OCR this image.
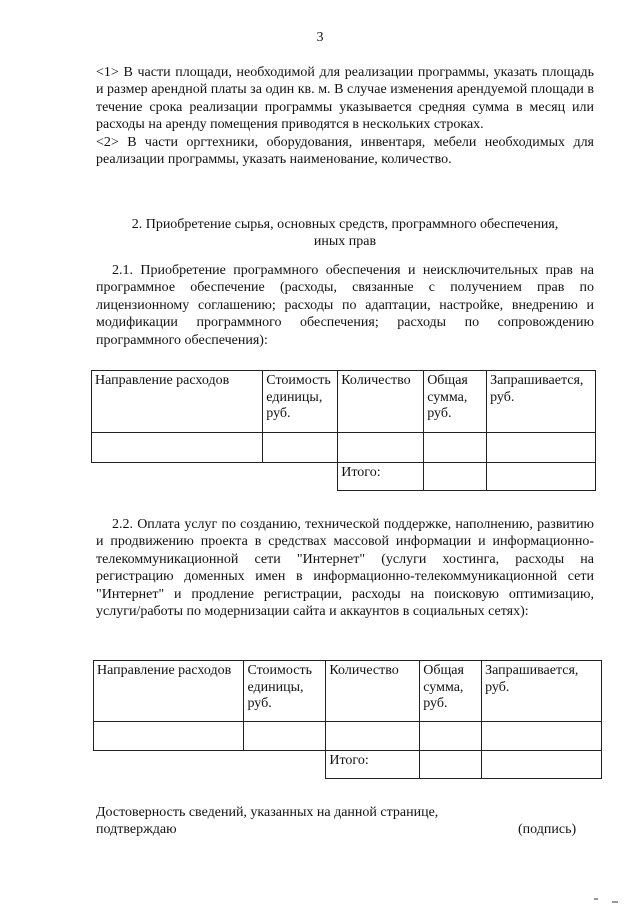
3
<1> В части площади, необходимой для реализации программы, указать площадь и размер арендной платы за один кв. м. В случае изменения арендуемой площади в течение срока реализации программы указывается средняя сумма в месяц или расходы на аренду помещения приводятся в нескольких строках.
<2> В части оргтехники, оборудования, инвентаря, мебели необходимых для реализации программы, указать наименование, количество.
2. Приобретение сырья, основных средств, программного обеспечения,
иных прав
2.1. Приобретение программного обеспечения и неисключительных прав на программное обеспечение (расходы, связанные с получением прав по лицензионному соглашению; расходы по адаптации, настройке, внедрению и модификации программного обеспечения; расходы по сопровождению программного обеспечения):
Направление расходов	Стоимость единицы, руб.	Количество	Общая сумма, руб.	Запрашивается, руб.

		Итого:		
2.2. Оплата услуг по созданию, технической поддержке, наполнению, развитию и продвижению проекта в средствах массовой информации и информационно-телекоммуникационной сети "Интернет" (услуги хостинга, расходы на регистрацию доменных имен в информационно-телекоммуникационной сети "Интернет" и продление регистрации, расходы на поисковую оптимизацию, услуги/работы по модернизации сайта и аккаунтов в социальных сетях):
Направление расходов	Стоимость единицы, руб.	Количество	Общая сумма, руб.	Запрашивается, руб.

		Итого:		
Достоверность сведений, указанных на данной странице,
подтверждаю	(подпись)
